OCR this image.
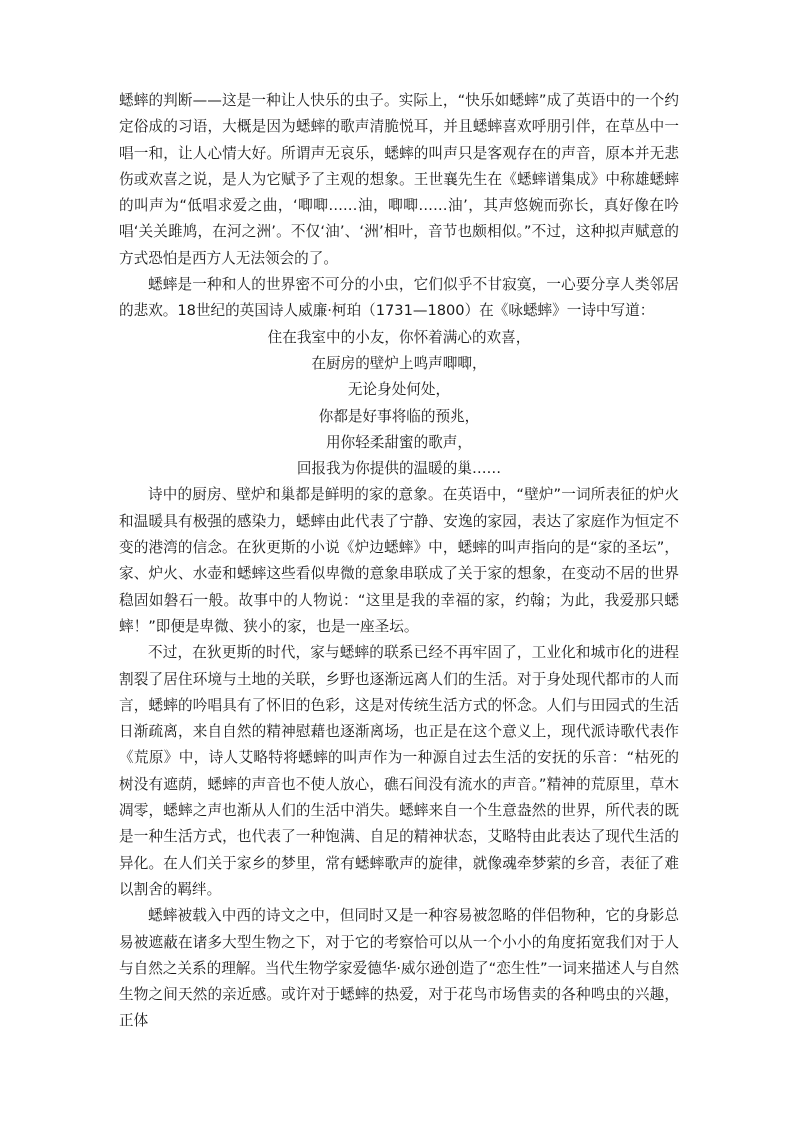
蟋蟀的判断——这是一种让人快乐的虫子。实际上，“快乐如蟋蟀”成了英语中的一个约定俗成的习语，大概是因为蟋蟀的歌声清脆悦耳，并且蟋蟀喜欢呼朋引伴，在草丛中一唱一和，让人心情大好。所谓声无哀乐，蟋蟀的叫声只是客观存在的声音，原本并无悲伤或欢喜之说，是人为它赋予了主观的想象。王世襄先生在《蟋蟀谱集成》中称雄蟋蟀的叫声为“低唱求爱之曲，‘唧唧……油，唧唧……油’，其声悠婉而弥长，真好像在吟唱‘关关雎鸠，在河之洲’。不仅‘油’、‘洲’相叶，音节也颇相似。”不过，这种拟声赋意的方式恐怕是西方人无法领会的了。

蟋蟀是一种和人的世界密不可分的小虫，它们似乎不甘寂寞，一心要分享人类邻居的悲欢。18世纪的英国诗人威廉·柯珀（1731—1800）在《咏蟋蟀》一诗中写道：

住在我室中的小友，你怀着满心的欢喜，
在厨房的壁炉上鸣声唧唧，
无论身处何处，
你都是好事将临的预兆，
用你轻柔甜蜜的歌声，
回报我为你提供的温暖的巢……

诗中的厨房、壁炉和巢都是鲜明的家的意象。在英语中，“壁炉”一词所表征的炉火和温暖具有极强的感染力，蟋蟀由此代表了宁静、安逸的家园，表达了家庭作为恒定不变的港湾的信念。在狄更斯的小说《炉边蟋蟀》中，蟋蟀的叫声指向的是“家的圣坛”，家、炉火、水壶和蟋蟀这些看似卑微的意象串联成了关于家的想象，在变动不居的世界稳固如磐石一般。故事中的人物说：“这里是我的幸福的家，约翰；为此，我爱那只蟋蟀！”即便是卑微、狭小的家，也是一座圣坛。

不过，在狄更斯的时代，家与蟋蟀的联系已经不再牢固了，工业化和城市化的进程割裂了居住环境与土地的关联，乡野也逐渐远离人们的生活。对于身处现代都市的人而言，蟋蟀的吟唱具有了怀旧的色彩，这是对传统生活方式的怀念。人们与田园式的生活日渐疏离，来自自然的精神慰藉也逐渐离场，也正是在这个意义上，现代派诗歌代表作《荒原》中，诗人艾略特将蟋蟀的叫声作为一种源自过去生活的安抚的乐音：“枯死的树没有遮荫，蟋蟀的声音也不使人放心，礁石间没有流水的声音。”精神的荒原里，草木凋零，蟋蟀之声也渐从人们的生活中消失。蟋蟀来自一个生意盎然的世界，所代表的既是一种生活方式，也代表了一种饱满、自足的精神状态，艾略特由此表达了现代生活的异化。在人们关于家乡的梦里，常有蟋蟀歌声的旋律，就像魂牵梦萦的乡音，表征了难以割舍的羁绊。

蟋蟀被载入中西的诗文之中，但同时又是一种容易被忽略的伴侣物种，它的身影总易被遮蔽在诸多大型生物之下，对于它的考察恰可以从一个小小的角度拓宽我们对于人与自然之关系的理解。当代生物学家爱德华·威尔逊创造了“恋生性”一词来描述人与自然生物之间天然的亲近感。或许对于蟋蟀的热爱，对于花鸟市场售卖的各种鸣虫的兴趣，正体
